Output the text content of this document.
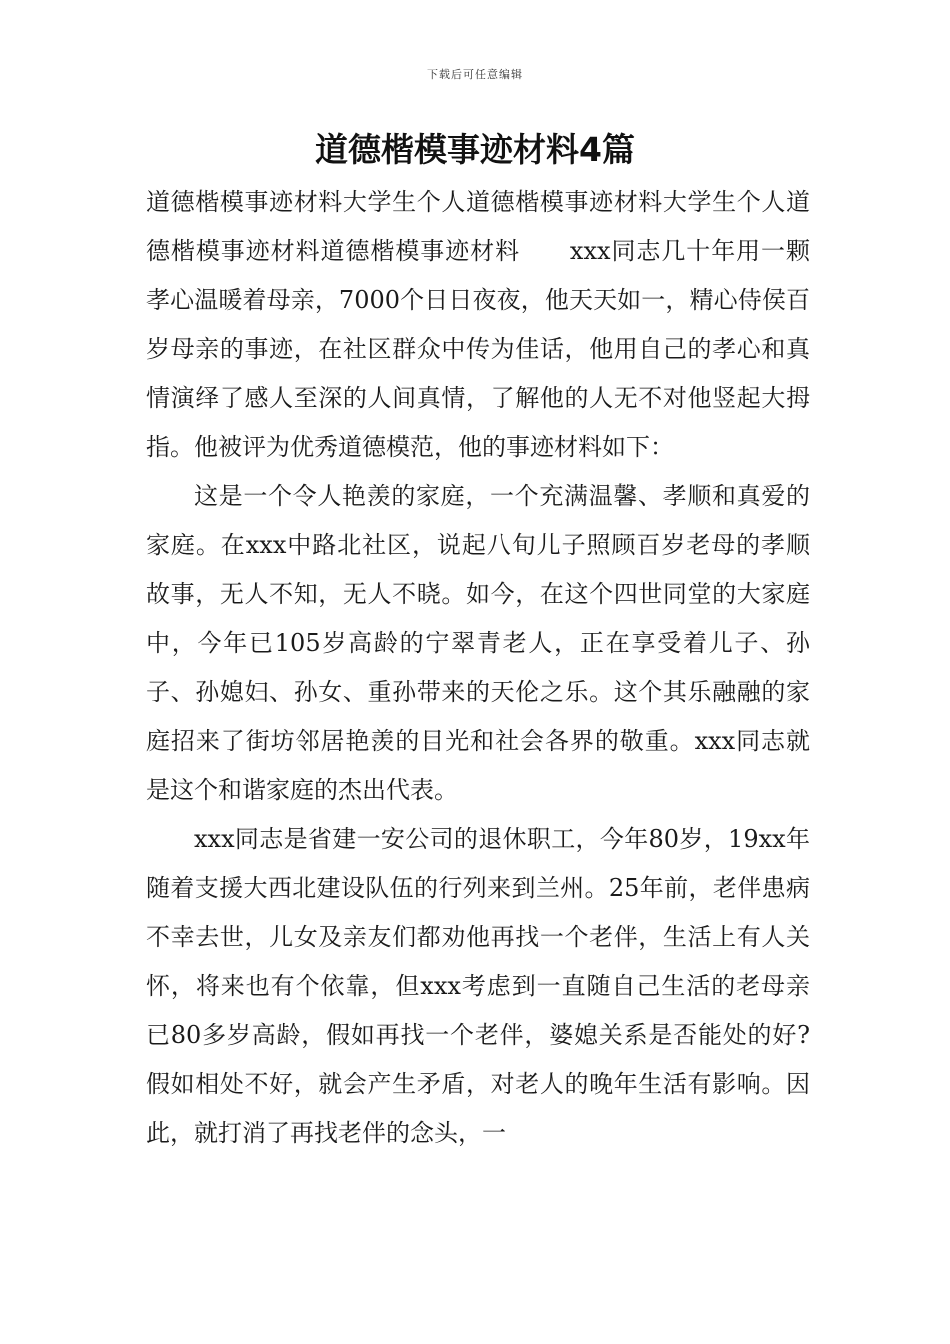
下载后可任意编辑
道德楷模事迹材料4篇

道德楷模事迹材料大学生个人道德楷模事迹材料大学生个人道德楷模事迹材料道德楷模事迹材料　　xxx同志几十年用一颗孝心温暖着母亲，7000个日日夜夜，他天天如一，精心侍侯百岁母亲的事迹，在社区群众中传为佳话，他用自己的孝心和真情演绎了感人至深的人间真情，了解他的人无不对他竖起大拇指。他被评为优秀道德模范，他的事迹材料如下：

这是一个令人艳羡的家庭，一个充满温馨、孝顺和真爱的家庭。在xxx中路北社区，说起八旬儿子照顾百岁老母的孝顺故事，无人不知，无人不晓。如今，在这个四世同堂的大家庭中，今年已105岁高龄的宁翠青老人，正在享受着儿子、孙子、孙媳妇、孙女、重孙带来的天伦之乐。这个其乐融融的家庭招来了街坊邻居艳羡的目光和社会各界的敬重。xxx同志就是这个和谐家庭的杰出代表。

xxx同志是省建一安公司的退休职工，今年80岁，19xx年随着支援大西北建设队伍的行列来到兰州。25年前，老伴患病不幸去世，儿女及亲友们都劝他再找一个老伴，生活上有人关怀，将来也有个依靠，但xxx考虑到一直随自己生活的老母亲已80多岁高龄，假如再找一个老伴，婆媳关系是否能处的好?假如相处不好，就会产生矛盾，对老人的晚年生活有影响。因此，就打消了再找老伴的念头，一
